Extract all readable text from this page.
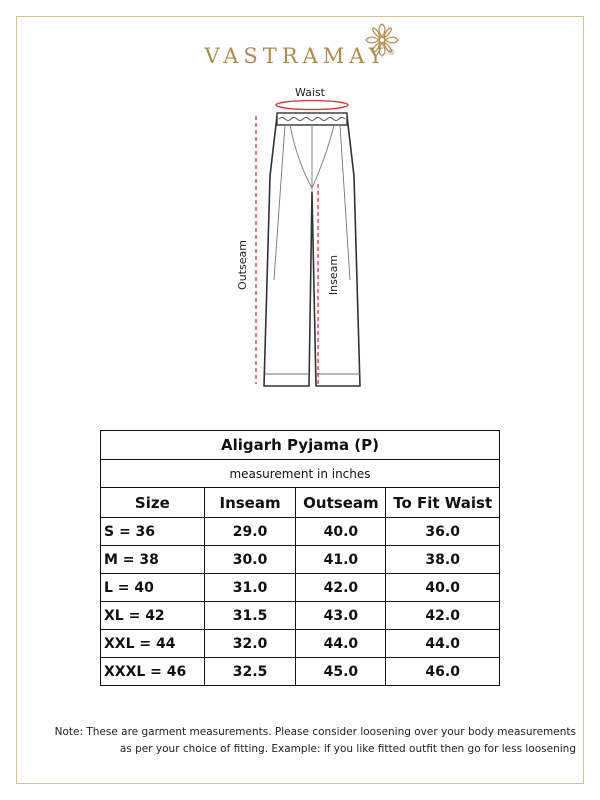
VASTRAMAY®
Waist
Outseam	Inseam
Aligarh Pyjama (P)			
measurement in inches			
Size	Inseam	Outseam	To Fit Waist
S = 36	29.0	40.0	36.0
M = 38	30.0	41.0	38.0
L = 40	31.0	42.0	40.0
XL = 42	31.5	43.0	42.0
XXL = 44	32.0	44.0	44.0
XXXL = 46	32.5	45.0	46.0
Note: These are garment measurements. Please consider loosening over your body measurements
as per your choice of fitting. Example: if you like fitted outfit then go for less loosening
